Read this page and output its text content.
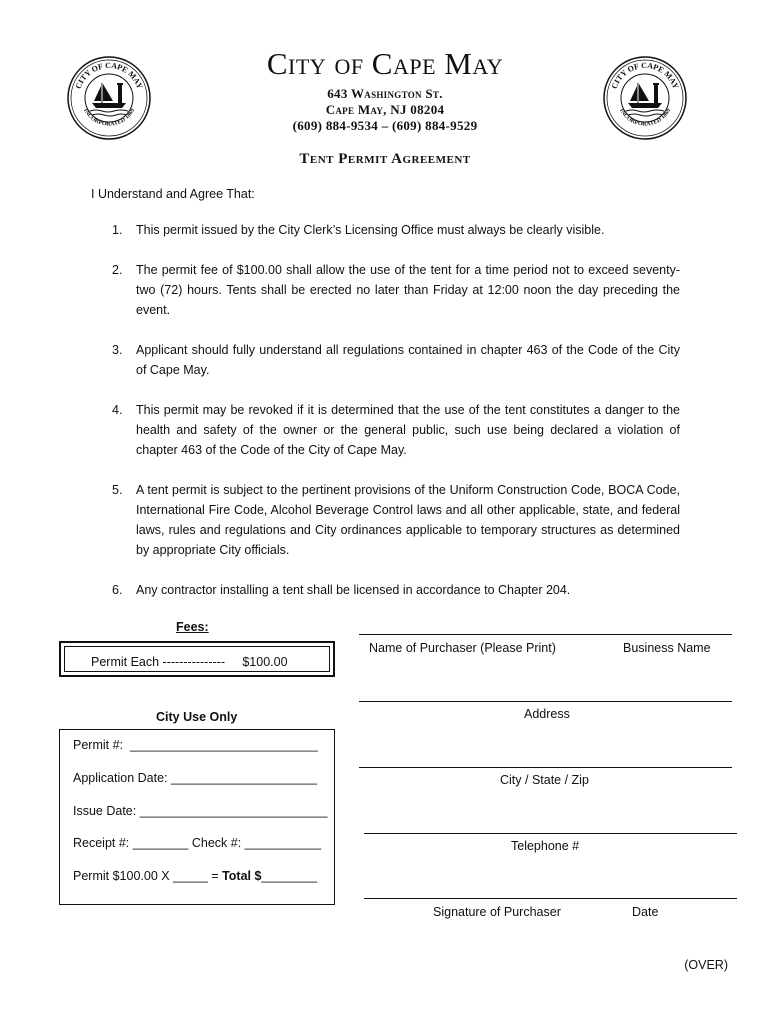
CITY OF CAPE MAY
INCORPORATED 1869
CITY OF CAPE MAY
INCORPORATED 1869
City of Cape May
643 Washington St.
Cape May, NJ 08204
(609) 884-9534 – (609) 884-9529
Tent Permit Agreement
I Understand and Agree That:
1. This permit issued by the City Clerk’s Licensing Office must always be clearly visible.
2. The permit fee of $100.00 shall allow the use of the tent for a time period not to exceed seventy-two (72) hours. Tents shall be erected no later than Friday at 12:00 noon the day preceding the event.
3. Applicant should fully understand all regulations contained in chapter 463 of the Code of the City of Cape May.
4. This permit may be revoked if it is determined that the use of the tent constitutes a danger to the health and safety of the owner or the general public, such use being declared a violation of chapter 463 of the Code of the City of Cape May.
5. A tent permit is subject to the pertinent provisions of the Uniform Construction Code, BOCA Code, International Fire Code, Alcohol Beverage Control laws and all other applicable, state, and federal laws, rules and regulations and City ordinances applicable to temporary structures as determined by appropriate City officials.
6. Any contractor installing a tent shall be licensed in accordance to Chapter 204.
Fees:
Permit Each ---------------     $100.00
City Use Only
Permit #:  ___________________________
Application Date: _____________________
Issue Date: ___________________________
Receipt #: ________ Check #: ___________
Permit $100.00 X _____ = Total $________
Name of Purchaser (Please Print)	Business Name
Address
City / State / Zip
Telephone #
Signature of Purchaser	Date
(OVER)
